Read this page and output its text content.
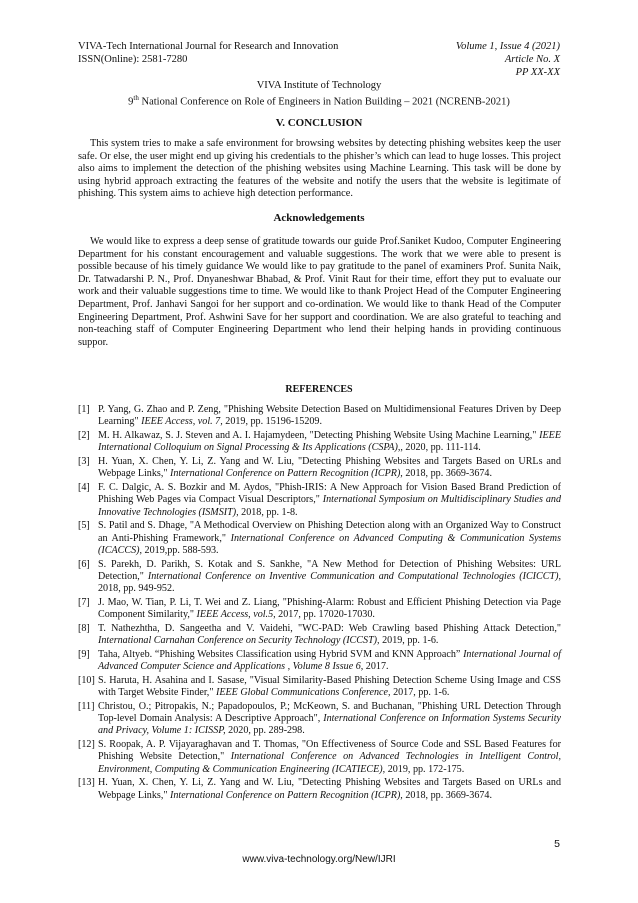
VIVA-Tech International Journal for Research and Innovation
ISSN(Online): 2581-7280
Volume 1, Issue 4 (2021)
Article No. X
PP XX-XX
VIVA Institute of Technology
9th National Conference on Role of Engineers in Nation Building – 2021 (NCRENB-2021)
V. CONCLUSION
This system tries to make a safe environment for browsing websites by detecting phishing websites keep the user safe. Or else, the user might end up giving his credentials to the phisher’s which can lead to huge losses. This project also aims to implement the detection of the phishing websites using Machine Learning. This task will be done by using hybrid approach extracting the features of the website and notify the users that the website is legitimate of phishing. This system aims to achieve high detection performance.
Acknowledgements
We would like to express a deep sense of gratitude towards our guide Prof.Saniket Kudoo, Computer Engineering Department for his constant encouragement and valuable suggestions. The work that we were able to present is possible because of his timely guidance We would like to pay gratitude to the panel of examiners Prof. Sunita Naik, Dr. Tatwadarshi P. N., Prof. Dnyaneshwar Bhabad, & Prof. Vinit Raut for their time, effort they put to evaluate our work and their valuable suggestions time to time. We would like to thank Project Head of the Computer Engineering Department, Prof. Janhavi Sangoi for her support and co-ordination. We would like to thank Head of the Computer Engineering Department, Prof. Ashwini Save for her support and coordination. We are also grateful to teaching and non-teaching staff of Computer Engineering Department who lend their helping hands in providing continuous suppor.
REFERENCES
[1] P. Yang, G. Zhao and P. Zeng, "Phishing Website Detection Based on Multidimensional Features Driven by Deep Learning" IEEE Access, vol. 7, 2019, pp. 15196-15209.
[2] M. H. Alkawaz, S. J. Steven and A. I. Hajamydeen, "Detecting Phishing Website Using Machine Learning," IEEE International Colloquium on Signal Processing & Its Applications (CSPA),, 2020, pp. 111-114.
[3] H. Yuan, X. Chen, Y. Li, Z. Yang and W. Liu, "Detecting Phishing Websites and Targets Based on URLs and Webpage Links," International Conference on Pattern Recognition (ICPR), 2018, pp. 3669-3674.
[4] F. C. Dalgic, A. S. Bozkir and M. Aydos, "Phish-IRIS: A New Approach for Vision Based Brand Prediction of Phishing Web Pages via Compact Visual Descriptors," International Symposium on Multidisciplinary Studies and Innovative Technologies (ISMSIT), 2018, pp. 1-8.
[5] S. Patil and S. Dhage, "A Methodical Overview on Phishing Detection along with an Organized Way to Construct an Anti-Phishing Framework," International Conference on Advanced Computing & Communication Systems (ICACCS), 2019,pp. 588-593.
[6] S. Parekh, D. Parikh, S. Kotak and S. Sankhe, "A New Method for Detection of Phishing Websites: URL Detection," International Conference on Inventive Communication and Computational Technologies (ICICCT), 2018, pp. 949-952.
[7] J. Mao, W. Tian, P. Li, T. Wei and Z. Liang, "Phishing-Alarm: Robust and Efficient Phishing Detection via Page Component Similarity," IEEE Access, vol.5, 2017, pp. 17020-17030.
[8] T. Nathezhtha, D. Sangeetha and V. Vaidehi, "WC-PAD: Web Crawling based Phishing Attack Detection," International Carnahan Conference on Security Technology (ICCST), 2019, pp. 1-6.
[9] Taha, Altyeb. “Phishing Websites Classification using Hybrid SVM and KNN Approach” International Journal of Advanced Computer Science and Applications , Volume 8 Issue 6, 2017.
[10] S. Haruta, H. Asahina and I. Sasase, "Visual Similarity-Based Phishing Detection Scheme Using Image and CSS with Target Website Finder," IEEE Global Communications Conference, 2017, pp. 1-6.
[11] Christou, O.; Pitropakis, N.; Papadopoulos, P.; McKeown, S. and Buchanan, "Phishing URL Detection Through Top-level Domain Analysis: A Descriptive Approach", International Conference on Information Systems Security and Privacy, Volume 1: ICISSP, 2020, pp. 289-298.
[12] S. Roopak, A. P. Vijayaraghavan and T. Thomas, "On Effectiveness of Source Code and SSL Based Features for Phishing Website Detection," International Conference on Advanced Technologies in Intelligent Control, Environment, Computing & Communication Engineering (ICATIECE), 2019, pp. 172-175.
[13] H. Yuan, X. Chen, Y. Li, Z. Yang and W. Liu, "Detecting Phishing Websites and Targets Based on URLs and Webpage Links," International Conference on Pattern Recognition (ICPR), 2018, pp. 3669-3674.
5
www.viva-technology.org/New/IJRI
